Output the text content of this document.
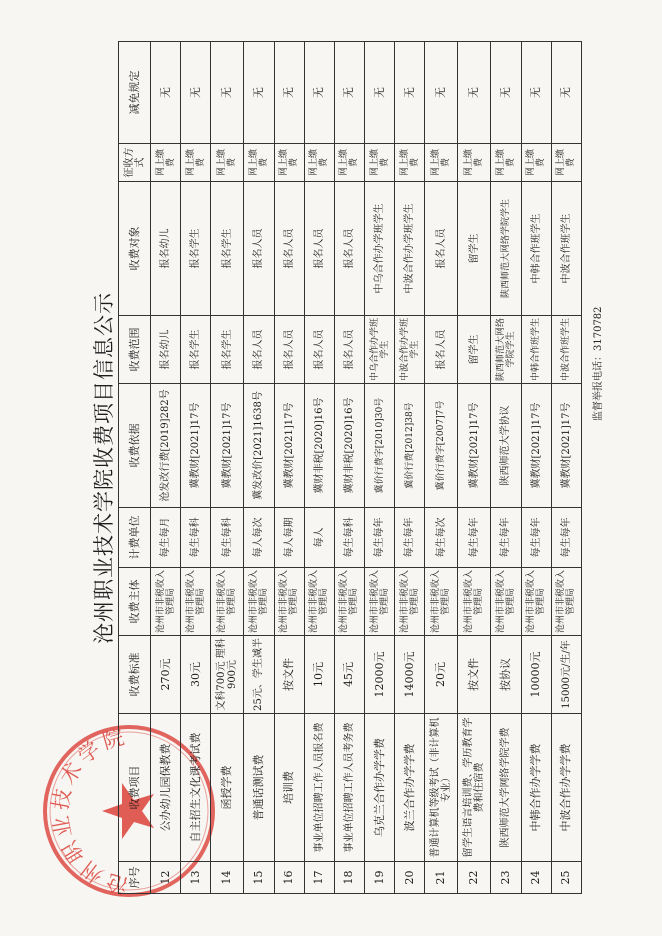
沧州职业技术学院
沧州职业技术学院收费项目信息公示
序号	收费项目	收费标准	收费主体	计费单位	收费依据	收费范围	收费对象	征收方式	减免规定
12	公办幼儿园保教费	270元	沧州市非税收入管理局	每生每月	沧发改行费[2019]282号	报名幼儿	报名幼儿	网上缴费	无
13	自主招生文化课考试费	30元	沧州市非税收入管理局	每生每科	冀教财[2021]17号	报名学生	报名学生	网上缴费	无
14	函授学费	文科700元 理科900元	沧州市非税收入管理局	每生每科	冀教财[2021]17号	报名学生	报名学生	网上缴费	无
15	普通话测试费	25元、学生减半	沧州市非税收入管理局	每人每次	冀发改价[2021]1638号	报名人员	报名人员	网上缴费	无
16	培训费	按文件	沧州市非税收入管理局	每人每期	冀教财[2021]17号	报名人员	报名人员	网上缴费	无
17	事业单位招聘工作人员报名费	10元	沧州市非税收入管理局	每人	冀财非税[2020]16号	报名人员	报名人员	网上缴费	无
18	事业单位招聘工作人员考务费	45元	沧州市非税收入管理局	每生每科	冀财非税[2020]16号	报名人员	报名人员	网上缴费	无
19	乌克兰合作办学学费	12000元	沧州市非税收入管理局	每生每年	冀价行费字[2010]30号	中乌合作办学班学生	中乌合作办学班学生	网上缴费	无
20	波兰合作办学学费	14000元	沧州市非税收入管理局	每生每年	冀价行费[2012]38号	中波合作办学班学生	中波合作办学班学生	网上缴费	无
21	普通计算机等级考试（非计算机专业）	20元	沧州市非税收入管理局	每生每次	冀价行费字[2007]7号	报名人员	报名人员	网上缴费	无
22	留学生语言培训费、学历教育学费和住宿费	按文件	沧州市非税收入管理局	每生每年	冀教财[2021]17号	留学生	留学生	网上缴费	无
23	陕西师范大学网络学院学费	按协议	沧州市非税收入管理局	每生每年	陕西师范大学协议	陕西师范大网络学院学生	陕西师范大网络学院学生	网上缴费	无
24	中韩合作办学学费	10000元	沧州市非税收入管理局	每生每年	冀教财[2021]17号	中韩合作班学生	中韩合作班学生	网上缴费	无
25	中波合作办学学费	15000元/生/年	沧州市非税收入管理局	每生每年	冀教财[2021]17号	中波合作班学生	中波合作班学生	网上缴费	无
监督举报电话：3170782
